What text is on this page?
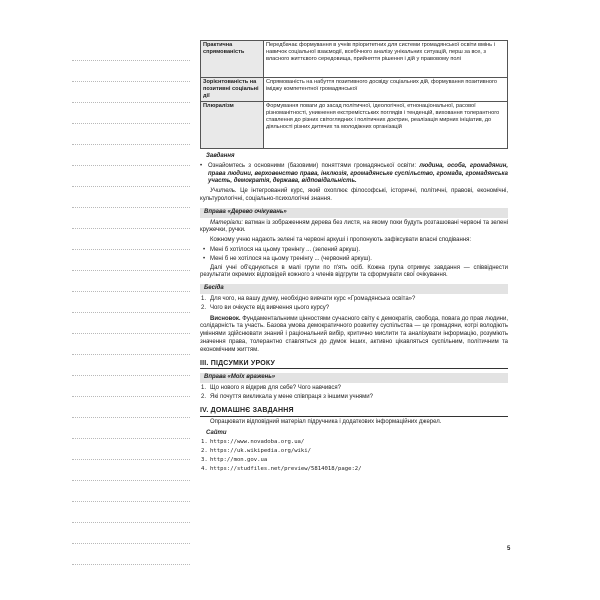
Практична спрямованість	Передбачає формування в учнів пріоритетних для системи громадянської освіти вмінь і навичок соціальної взаємодії, всебічного аналізу унікальних ситуацій, перш за все, з власного життєвого середовища, прийняття рішення і дій у правовому полі
Зорієнтованість на позитивні соціальні дії	Спрямованість на набуття позитивного досвіду соціальних дій, формування позитивного іміджу компетентної громадянської
Плюралізм	Формування поваги до засад політичної, ідеологічної, етнонаціональної, расової різноманітності, уникнення екстремістських поглядів і тенденцій, виховання толерантного ставлення до різних світоглядних і політичних доктрин, реалізація мирних ініціатив, до діяльності різних дитячих та молодіжних організацій
Завдання
• Ознайомтесь з основними (базовими) поняттями громадянської освіти: людина, особа, громадянин, права людини, верховенство права, інклюзія, громадянське суспільство, громада, громадянська участь, демократія, держава, відповідальність.
Учитель. Це інтегрований курс, який охоплює філософські, історичні, політичні, правові, економічні, культурологічні, соціально-психологічні знання.
Вправа «Дерево очікувань»
Матеріали: ватман із зображенням дерева без листя, на якому поки будуть розташовані червоні та зелені кружечки, ручки.
Кожному учню надають зелені та червоні аркуші і пропонують зафіксувати власні сподівання:
• Мені б хотілося на цьому тренінгу ... (зелений аркуш).
• Мені б не хотілося на цьому тренінгу ... (червоний аркуш).
Далі учні об'єднуються в малі групи по п'ять осіб. Кожна група отримує завдання — співвіднести результати окремих відповідей кожного з членів відгрупи та сформувати свої очікування.
Бесіда
1. Для чого, на вашу думку, необхідно вивчати курс «Громадянська освіта»?
2. Чого ви очікуєте від вивчення цього курсу?
Висновок. Фундаментальними цінностями сучасного світу є демократія, свобода, повага до прав людини, солідарність та участь. Базова умова демократичного розвитку суспільства — це громадяни, котрі володіють уміннями здійснювати знаний і раціональний вибір, критично мислити та аналізувати інформацію, розуміють значення права, толерантно ставляться до думок інших, активно цікавляться суспільним, політичним та економічним життям.
ІІІ. ПІДСУМКИ УРОКУ
Вправа «Моїх вражень»
1. Що нового я відкрив для себе? Чого навчився?
2. Які почуття викликала у мене співпраця з іншими учнями?
IV. ДОМАШНЄ ЗАВДАННЯ
Опрацювати відповідний матеріал підручника і додаткових інформаційних джерел.
Сайти
1. https://www.novadoba.org.ua/
2. https://uk.wikipedia.org/wiki/
3. http://mon.gov.ua
4. https://studfiles.net/preview/5814018/page:2/
5
